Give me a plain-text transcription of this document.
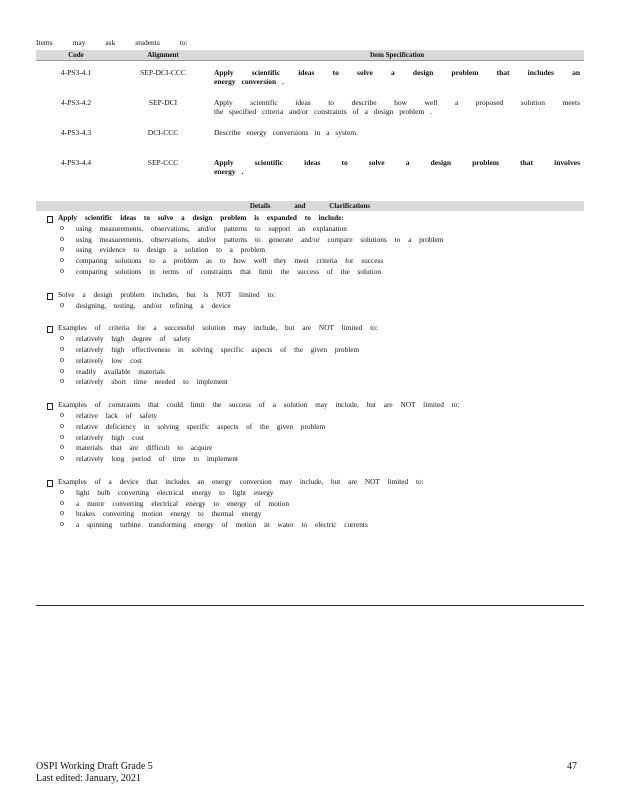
Items may ask students to:
Code	Alignment	Item Specification
4-PS3-4.1	SEP-DCI-CCC	Apply scientific ideas to solve a design problem that includes an
energy conversion .

4-PS3-4.2	SEP-DCI	Apply scientific ideas to describe how well a proposed solution meets
the specified criteria and/or constraints of a design problem .

4-PS3-4.3	DCI-CCC	Describe energy conversions in a system.
4-PS3-4.4	SEP-CCC	Apply scientific ideas to solve a design problem that involves
energy .
Details and Clarifications
Apply scientific ideas to solve a design problem is expanded to include:
o using measurements, observations, and/or patterns to support an explanation
o using measurements, observations, and/or patterns to generate and/or compare solutions to a problem
o using evidence to design a solution to a problem
o comparing solutions to a problem as to how well they meet criteria for success
o comparing solutions in terms of constraints that limit the success of the solution
Solve a design problem includes, but is NOT limited to:
o designing, testing, and/or refining a device
Examples of criteria for a successful solution may include, but are NOT limited to:
o relatively high degree of safety
o relatively high effectiveness in solving specific aspects of the given problem
o relatively low cost
o readily available materials
o relatively short time needed to implement
Examples of constraints that could limit the success of a solution may include, but are NOT limited to:
o relative lack of safety
o relative deficiency in solving specific aspects of the given problem
o relatively high cost
o materials that are difficult to acquire
o relatively long period of time to implement
Examples of a device that includes an energy conversion may include, but are NOT limited to:
o light bulb converting electrical energy to light energy
o a motor converting electrical energy to energy of motion
o brakes converting motion energy to thermal energy
o a spinning turbine transforming energy of motion in water to electric currents
OSPI Working Draft Grade 5
Last edited: January, 2021
47
